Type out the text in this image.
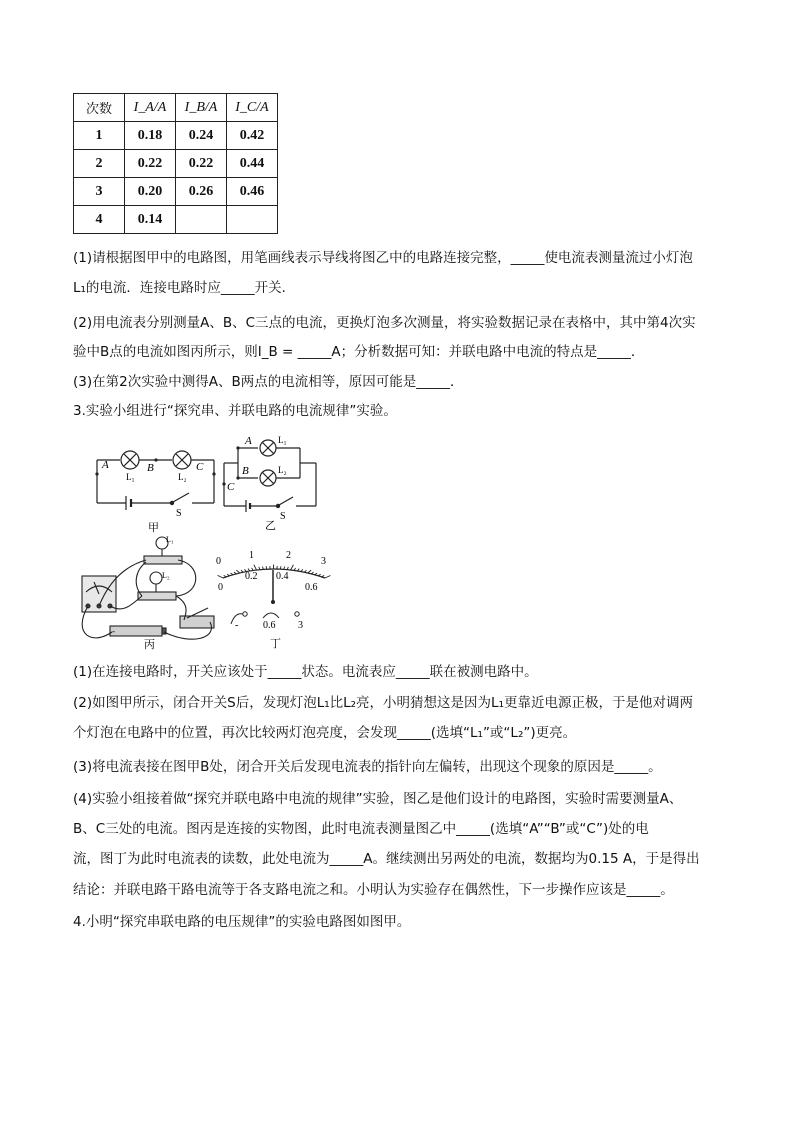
次数	I_A/A	I_B/A	I_C/A
1	0.18	0.24	0.42
2	0.22	0.22	0.44
3	0.20	0.26	0.46
4	0.14		
(1)请根据图甲中的电路图，用笔画线表示导线将图乙中的电路连接完整，_____使电流表测量流过小灯泡
L₁的电流．连接电路时应_____开关．
(2)用电流表分别测量A、B、C三点的电流，更换灯泡多次测量，将实验数据记录在表格中，其中第4次实
验中B点的电流如图丙所示，则I_B = _____A；分析数据可知：并联电路中电流的特点是_____．
(3)在第2次实验中测得A、B两点的电流相等，原因可能是_____．
3.实验小组进行“探究串、并联电路的电流规律”实验。
A	B	C
L₁	L₂
S
甲
A
B
C
L₁
L₂
S
乙
L₁
L₂
-
丙
0
1	2
3
0
0.2 0.4
0.6
- 0.6 3
丁
(1)在连接电路时，开关应该处于_____状态。电流表应_____联在被测电路中。
(2)如图甲所示，闭合开关S后，发现灯泡L₁比L₂亮，小明猜想这是因为L₁更靠近电源正极，于是他对调两
个灯泡在电路中的位置，再次比较两灯泡亮度，会发现_____(选填“L₁”或“L₂”)更亮。
(3)将电流表接在图甲B处，闭合开关后发现电流表的指针向左偏转，出现这个现象的原因是_____。
(4)实验小组接着做“探究并联电路中电流的规律”实验，图乙是他们设计的电路图，实验时需要测量A、
B、C三处的电流。图丙是连接的实物图，此时电流表测量图乙中_____(选填“A”“B”或“C”)处的电
流，图丁为此时电流表的读数，此处电流为_____A。继续测出另两处的电流，数据均为0.15 A，于是得出
结论：并联电路干路电流等于各支路电流之和。小明认为实验存在偶然性，下一步操作应该是_____。
4.小明“探究串联电路的电压规律”的实验电路图如图甲。
